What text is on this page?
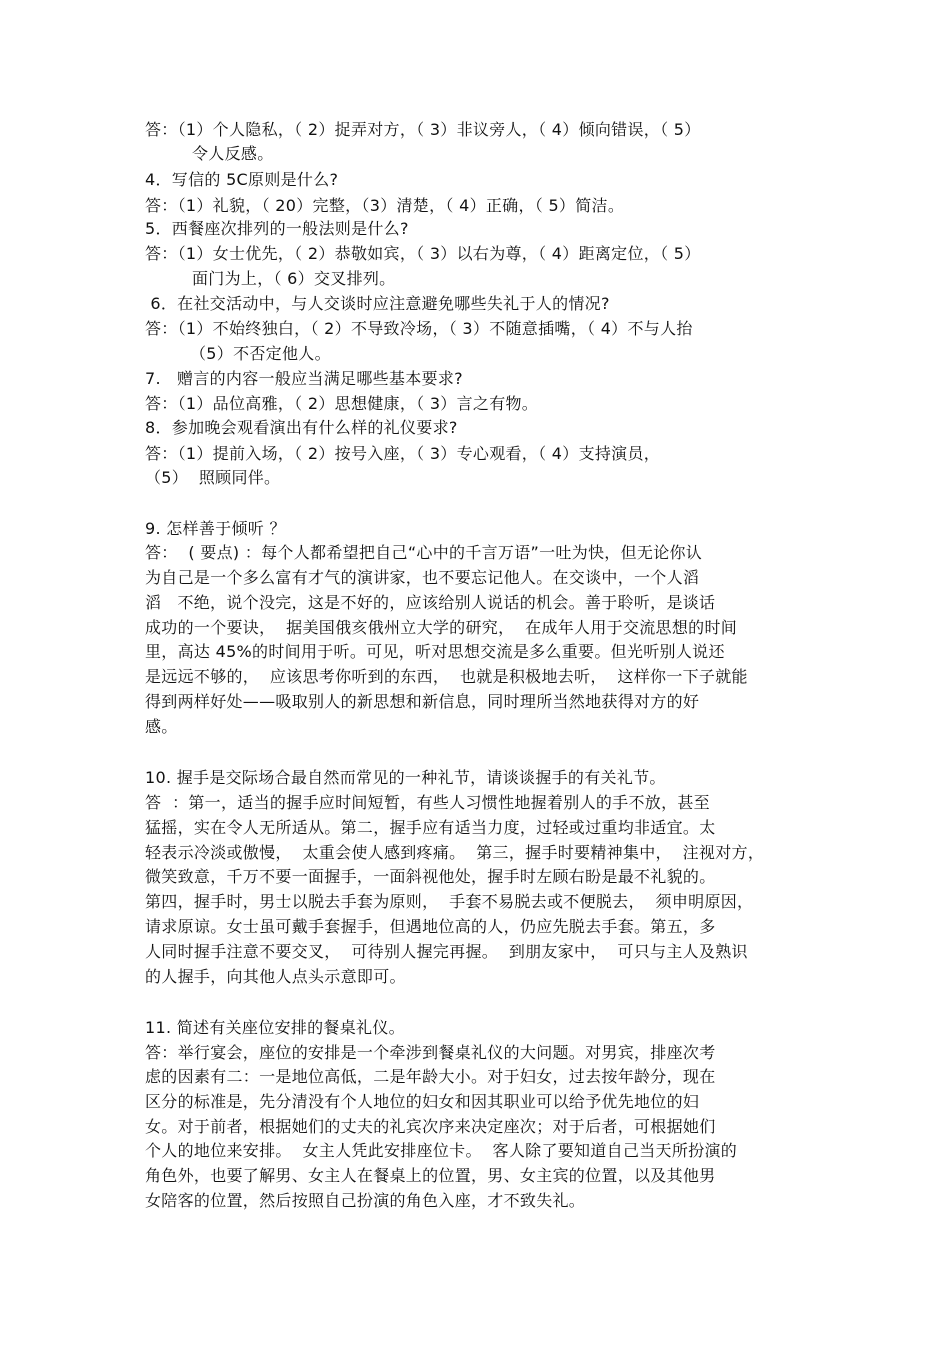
答：（1）个人隐私，（ 2）捉弄对方，（ 3）非议旁人，（ 4）倾向错误，（ 5）
令人反感。
4．写信的 5C原则是什么?
答：（1）礼貌，（ 20）完整，（3）清楚，（ 4）正确，（ 5）简洁。
5．西餐座次排列的一般法则是什么?
答：（1）女士优先，（ 2）恭敬如宾，（ 3）以右为尊，（ 4）距离定位，（ 5）
面门为上，（ 6）交叉排列。
6．在社交活动中，与人交谈时应注意避免哪些失礼于人的情况?
答：（1）不始终独白，（ 2）不导致冷场，（ 3）不随意插嘴，（ 4）不与人抬
（5）不否定他人。
7.   赠言的内容一般应当满足哪些基本要求?
答：（1）品位高雅，（ 2）思想健康，（ 3）言之有物。
8．参加晚会观看演出有什么样的礼仪要求?
答：（1）提前入场，（ 2）按号入座，（ 3）专心观看，（ 4）支持演员，
（5）  照顾同伴。
9. 怎样善于倾听 ？
答：  ( 要点) ：每个人都希望把自己“心中的千言万语”一吐为快，但无论你认
为自己是一个多么富有才气的演讲家，也不要忘记他人。在交谈中，一个人滔
滔   不绝，说个没完，这是不好的，应该给别人说话的机会。善于聆听，是谈话
成功的一个要诀，  据美国俄亥俄州立大学的研究，  在成年人用于交流思想的时间
里，高达 45%的时间用于听。可见，听对思想交流是多么重要。但光听别人说还
是远远不够的，  应该思考你听到的东西，  也就是积极地去听，  这样你一下子就能
得到两样好处——吸取别人的新思想和新信息，同时理所当然地获得对方的好
感。
10. 握手是交际场合最自然而常见的一种礼节，请谈谈握手的有关礼节。
答  ：第一，适当的握手应时间短暂，有些人习惯性地握着别人的手不放，甚至
猛摇，实在令人无所适从。第二，握手应有适当力度，过轻或过重均非适宜。太
轻表示冷淡或傲慢，  太重会使人感到疼痛。  第三，握手时要精神集中，  注视对方，
微笑致意，千万不要一面握手，一面斜视他处，握手时左顾右盼是最不礼貌的。
第四，握手时，男士以脱去手套为原则，  手套不易脱去或不便脱去，  须申明原因，
请求原谅。女士虽可戴手套握手，但遇地位高的人，仍应先脱去手套。第五，多
人同时握手注意不要交叉，  可待别人握完再握。  到朋友家中，  可只与主人及熟识
的人握手，向其他人点头示意即可。
11. 简述有关座位安排的餐桌礼仪。
答：举行宴会，座位的安排是一个牵涉到餐桌礼仪的大问题。对男宾，排座次考
虑的因素有二：一是地位高低，二是年龄大小。对于妇女，过去按年龄分，现在
区分的标准是，先分清没有个人地位的妇女和因其职业可以给予优先地位的妇
女。对于前者，根据她们的丈夫的礼宾次序来决定座次；对于后者，可根据她们
个人的地位来安排。  女主人凭此安排座位卡。  客人除了要知道自己当天所扮演的
角色外，也要了解男、女主人在餐桌上的位置，男、女主宾的位置，以及其他男
女陪客的位置，然后按照自己扮演的角色入座，才不致失礼。
